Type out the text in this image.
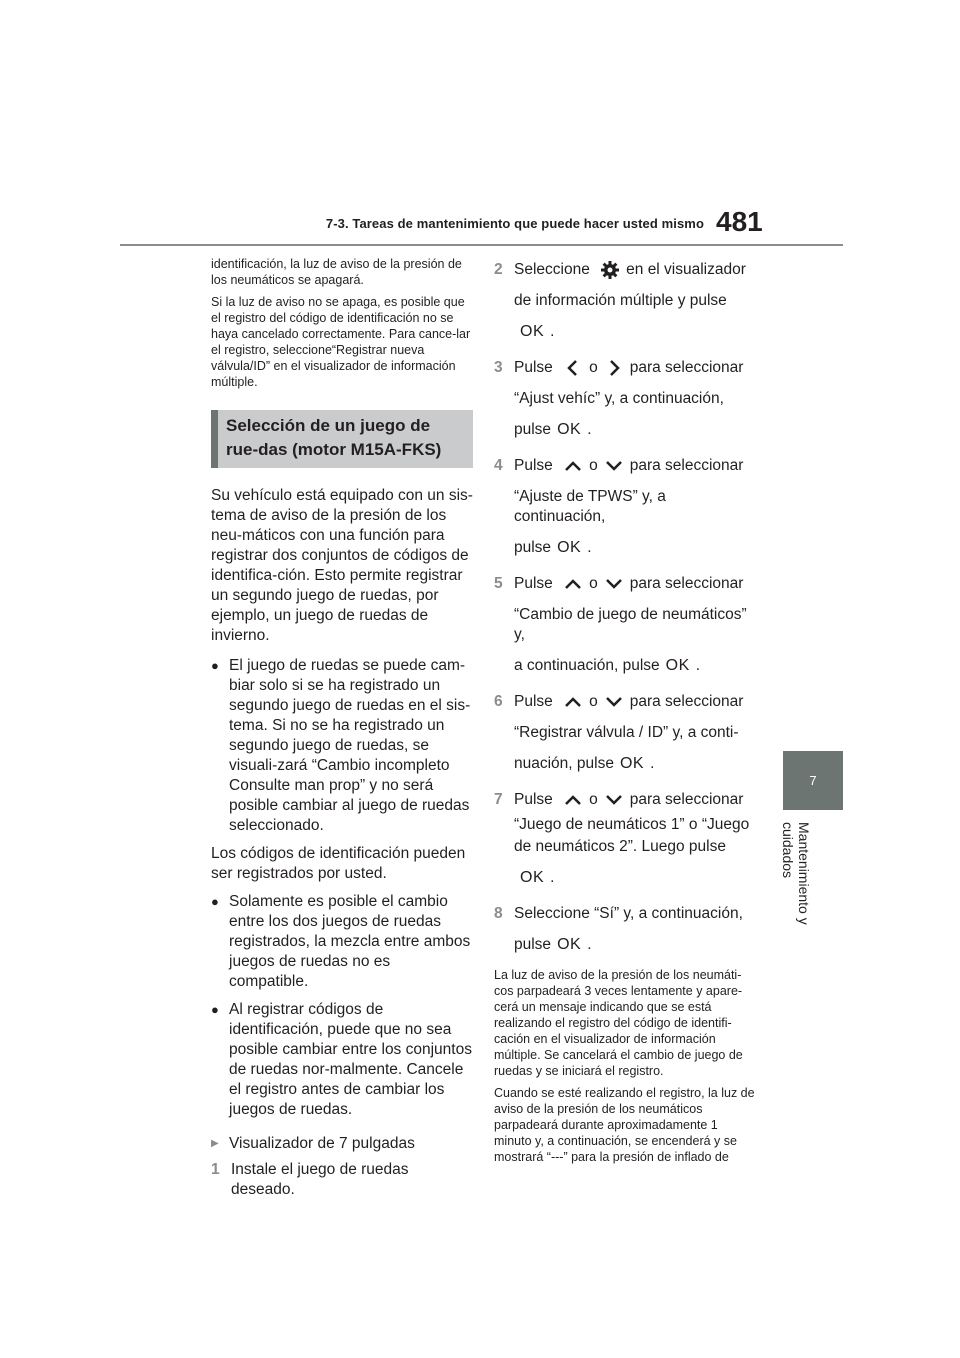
7-3. Tareas de mantenimiento que puede hacer usted mismo 481
7
Mantenimiento y cuidados

identificación, la luz de aviso de la presión de los neumáticos se apagará.

Si la luz de aviso no se apaga, es posible que el registro del código de identificación no se haya cancelado correctamente. Para cance-lar el registro, seleccione“Registrar nueva válvula/ID” en el visualizador de información múltiple.

Selección de un juego de rue-das (motor M15A-FKS)

Su vehículo está equipado con un sis-tema de aviso de la presión de los neu-máticos con una función para registrar dos conjuntos de códigos de identifica-ción. Esto permite registrar un segundo juego de ruedas, por ejemplo, un juego de ruedas de invierno.

● El juego de ruedas se puede cam-biar solo si se ha registrado un segundo juego de ruedas en el sis-tema. Si no se ha registrado un segundo juego de ruedas, se visuali-zará “Cambio incompleto Consulte man prop” y no será posible cambiar al juego de ruedas seleccionado.

Los códigos de identificación pueden ser registrados por usted.

● Solamente es posible el cambio entre los dos juegos de ruedas registrados, la mezcla entre ambos juegos de ruedas no es compatible.

● Al registrar códigos de identificación, puede que no sea posible cambiar entre los conjuntos de ruedas nor-malmente. Cancele el registro antes de cambiar los juegos de ruedas.

▶ Visualizador de 7 pulgadas

1 Instale el juego de ruedas deseado.

2 Seleccione en el visualizador

de información múltiple y pulse

OK .

3 Pulse o para seleccionar

“Ajust vehíc” y, a continuación,

pulse OK .

4 Pulse o para seleccionar

“Ajuste de TPWS” y, a continuación,

pulse OK .

5 Pulse o para seleccionar

“Cambio de juego de neumáticos” y,

a continuación, pulse OK .

6 Pulse o para seleccionar

“Registrar válvula / ID” y, a conti-

nuación, pulse OK .

7 Pulse o para seleccionar

“Juego de neumáticos 1” o “Juego

de neumáticos 2”. Luego pulse

OK .

8 Seleccione “Sí” y, a continuación,

pulse OK .

La luz de aviso de la presión de los neumáti-cos parpadeará 3 veces lentamente y apare-cerá un mensaje indicando que se está realizando el registro del código de identifi-cación en el visualizador de información múltiple. Se cancelará el cambio de juego de ruedas y se iniciará el registro.

Cuando se esté realizando el registro, la luz de aviso de la presión de los neumáticos parpadeará durante aproximadamente 1 minuto y, a continuación, se encenderá y se mostrará “---” para la presión de inflado de
